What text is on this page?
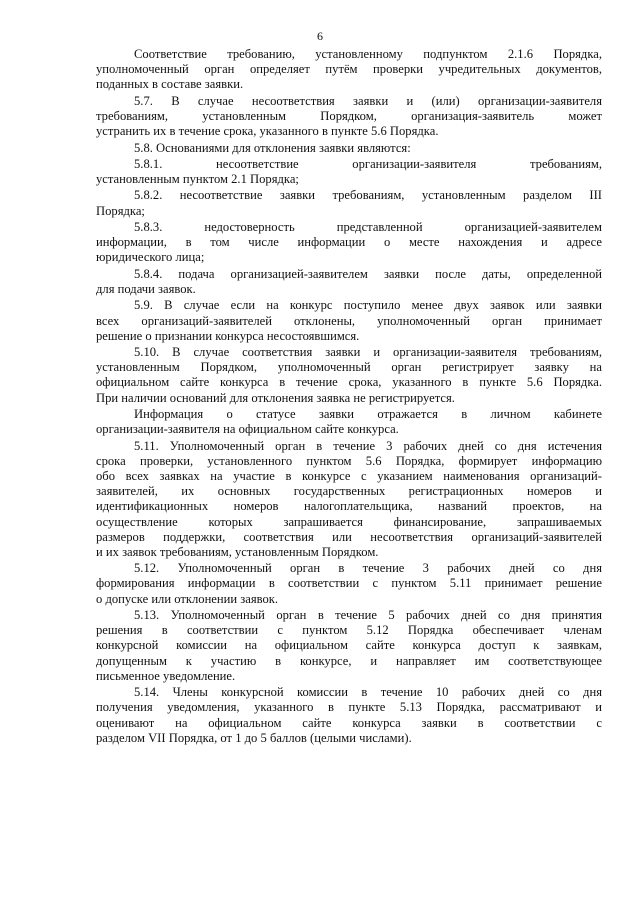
6
Соответствие требованию, установленному подпунктом 2.1.6 Порядка,
уполномоченный орган определяет путём проверки учредительных документов,
поданных в составе заявки.
5.7. В случае несоответствия заявки и (или) организации-заявителя
требованиям, установленным Порядком, организация-заявитель может
устранить их в течение срока, указанного в пункте 5.6 Порядка.
5.8. Основаниями для отклонения заявки являются:
5.8.1. несоответствие организации-заявителя требованиям,
установленным пунктом 2.1 Порядка;
5.8.2. несоответствие заявки требованиям, установленным разделом III
Порядка;
5.8.3. недостоверность представленной организацией-заявителем
информации, в том числе информации о месте нахождения и адресе
юридического лица;
5.8.4. подача организацией-заявителем заявки после даты, определенной
для подачи заявок.
5.9. В случае если на конкурс поступило менее двух заявок или заявки
всех организаций-заявителей отклонены, уполномоченный орган принимает
решение о признании конкурса несостоявшимся.
5.10. В случае соответствия заявки и организации-заявителя требованиям,
установленным Порядком, уполномоченный орган регистрирует заявку на
официальном сайте конкурса в течение срока, указанного в пункте 5.6 Порядка.
При наличии оснований для отклонения заявка не регистрируется.
Информация о статусе заявки отражается в личном кабинете
организации-заявителя на официальном сайте конкурса.
5.11. Уполномоченный орган в течение 3 рабочих дней со дня истечения
срока проверки, установленного пунктом 5.6 Порядка, формирует информацию
обо всех заявках на участие в конкурсе с указанием наименования организаций-
заявителей, их основных государственных регистрационных номеров и
идентификационных номеров налогоплательщика, названий проектов, на
осуществление которых запрашивается финансирование, запрашиваемых
размеров поддержки, соответствия или несоответствия организаций-заявителей
и их заявок требованиям, установленным Порядком.
5.12. Уполномоченный орган в течение 3 рабочих дней со дня
формирования информации в соответствии с пунктом 5.11 принимает решение
о допуске или отклонении заявок.
5.13. Уполномоченный орган в течение 5 рабочих дней со дня принятия
решения в соответствии с пунктом 5.12 Порядка обеспечивает членам
конкурсной комиссии на официальном сайте конкурса доступ к заявкам,
допущенным к участию в конкурсе, и направляет им соответствующее
письменное уведомление.
5.14. Члены конкурсной комиссии в течение 10 рабочих дней со дня
получения уведомления, указанного в пункте 5.13 Порядка, рассматривают и
оценивают на официальном сайте конкурса заявки в соответствии с
разделом VII Порядка, от 1 до 5 баллов (целыми числами).
